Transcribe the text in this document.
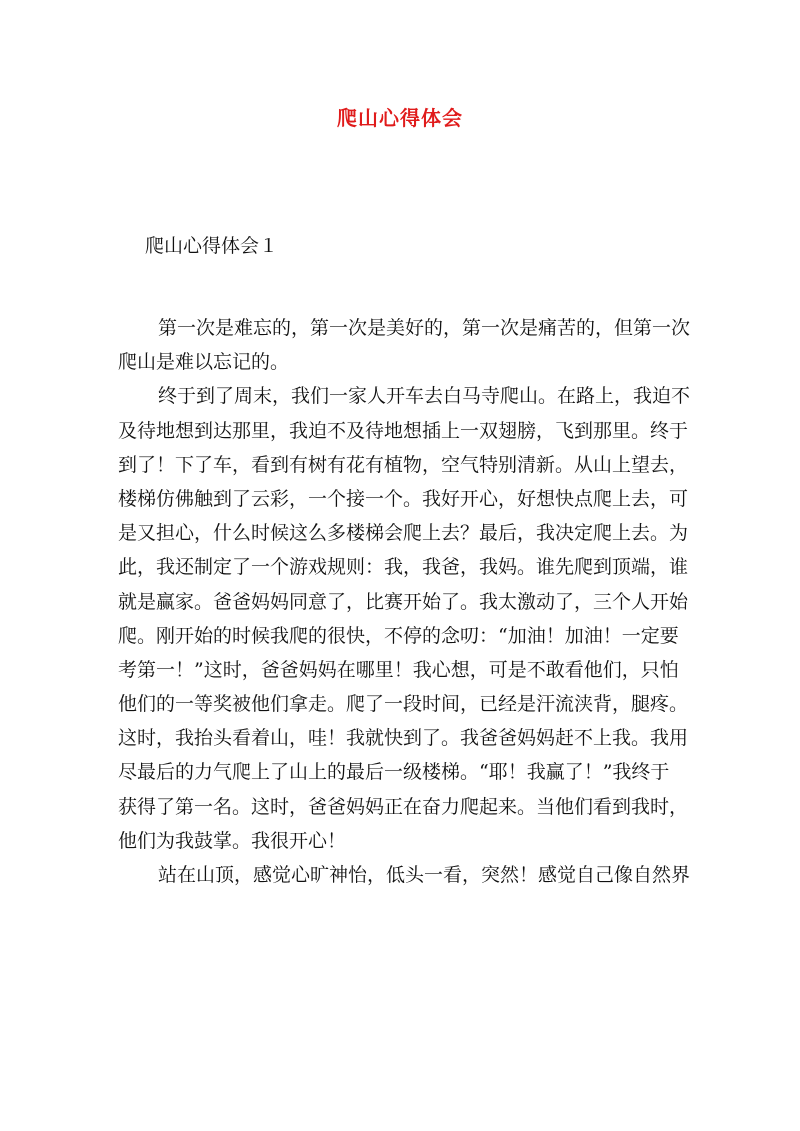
爬山心得体会
爬山心得体会１
第一次是难忘的，第一次是美好的，第一次是痛苦的，但第一次
爬山是难以忘记的。
终于到了周末，我们一家人开车去白马寺爬山。在路上，我迫不
及待地想到达那里，我迫不及待地想插上一双翅膀，飞到那里。终于
到了！下了车，看到有树有花有植物，空气特别清新。从山上望去，
楼梯仿佛触到了云彩，一个接一个。我好开心，好想快点爬上去，可
是又担心，什么时候这么多楼梯会爬上去？最后，我决定爬上去。为
此，我还制定了一个游戏规则：我，我爸，我妈。谁先爬到顶端，谁
就是赢家。爸爸妈妈同意了，比赛开始了。我太激动了，三个人开始
爬。刚开始的时候我爬的很快，不停的念叨：“加油！加油！一定要
考第一！”这时，爸爸妈妈在哪里！我心想，可是不敢看他们，只怕
他们的一等奖被他们拿走。爬了一段时间，已经是汗流浃背，腿疼。
这时，我抬头看着山，哇！我就快到了。我爸爸妈妈赶不上我。我用
尽最后的力气爬上了山上的最后一级楼梯。“耶！我赢了！”我终于
获得了第一名。这时，爸爸妈妈正在奋力爬起来。当他们看到我时，
他们为我鼓掌。我很开心！
站在山顶，感觉心旷神怡，低头一看，突然！感觉自己像自然界
